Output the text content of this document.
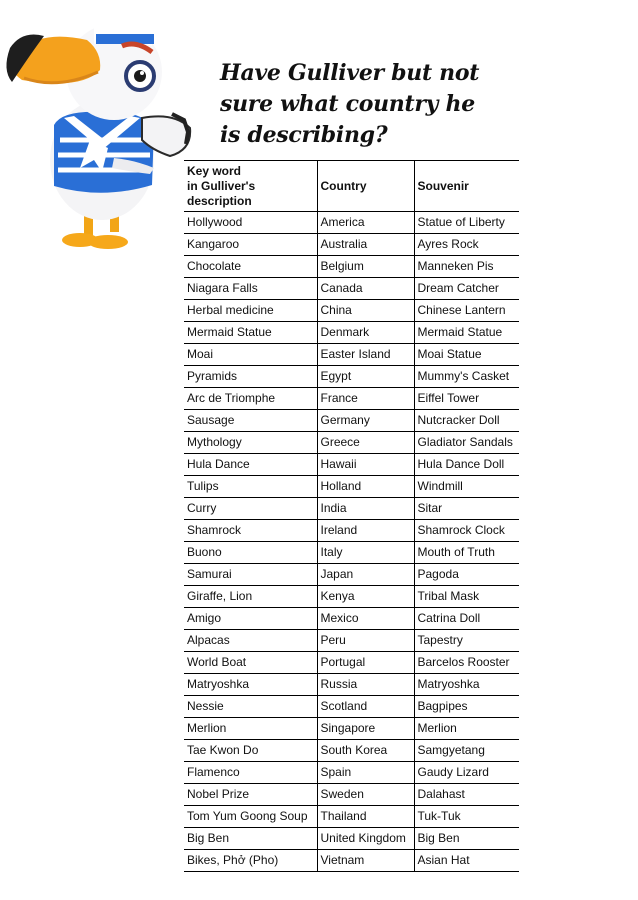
Have Gulliver but not
sure what country he
is describing?
Key word
in Gulliver's
description	Country	Souvenir
Hollywood	America	Statue of Liberty
Kangaroo	Australia	Ayres Rock
Chocolate	Belgium	Manneken Pis
Niagara Falls	Canada	Dream Catcher
Herbal medicine	China	Chinese Lantern
Mermaid Statue	Denmark	Mermaid Statue
Moai	Easter Island	Moai Statue
Pyramids	Egypt	Mummy's Casket
Arc de Triomphe	France	Eiffel Tower
Sausage	Germany	Nutcracker Doll
Mythology	Greece	Gladiator Sandals
Hula Dance	Hawaii	Hula Dance Doll
Tulips	Holland	Windmill
Curry	India	Sitar
Shamrock	Ireland	Shamrock Clock
Buono	Italy	Mouth of Truth
Samurai	Japan	Pagoda
Giraffe, Lion	Kenya	Tribal Mask
Amigo	Mexico	Catrina Doll
Alpacas	Peru	Tapestry
World Boat	Portugal	Barcelos Rooster
Matryoshka	Russia	Matryoshka
Nessie	Scotland	Bagpipes
Merlion	Singapore	Merlion
Tae Kwon Do	South Korea	Samgyetang
Flamenco	Spain	Gaudy Lizard
Nobel Prize	Sweden	Dalahast
Tom Yum Goong Soup	Thailand	Tuk-Tuk
Big Ben	United Kingdom	Big Ben
Bikes, Phở (Pho)	Vietnam	Asian Hat
